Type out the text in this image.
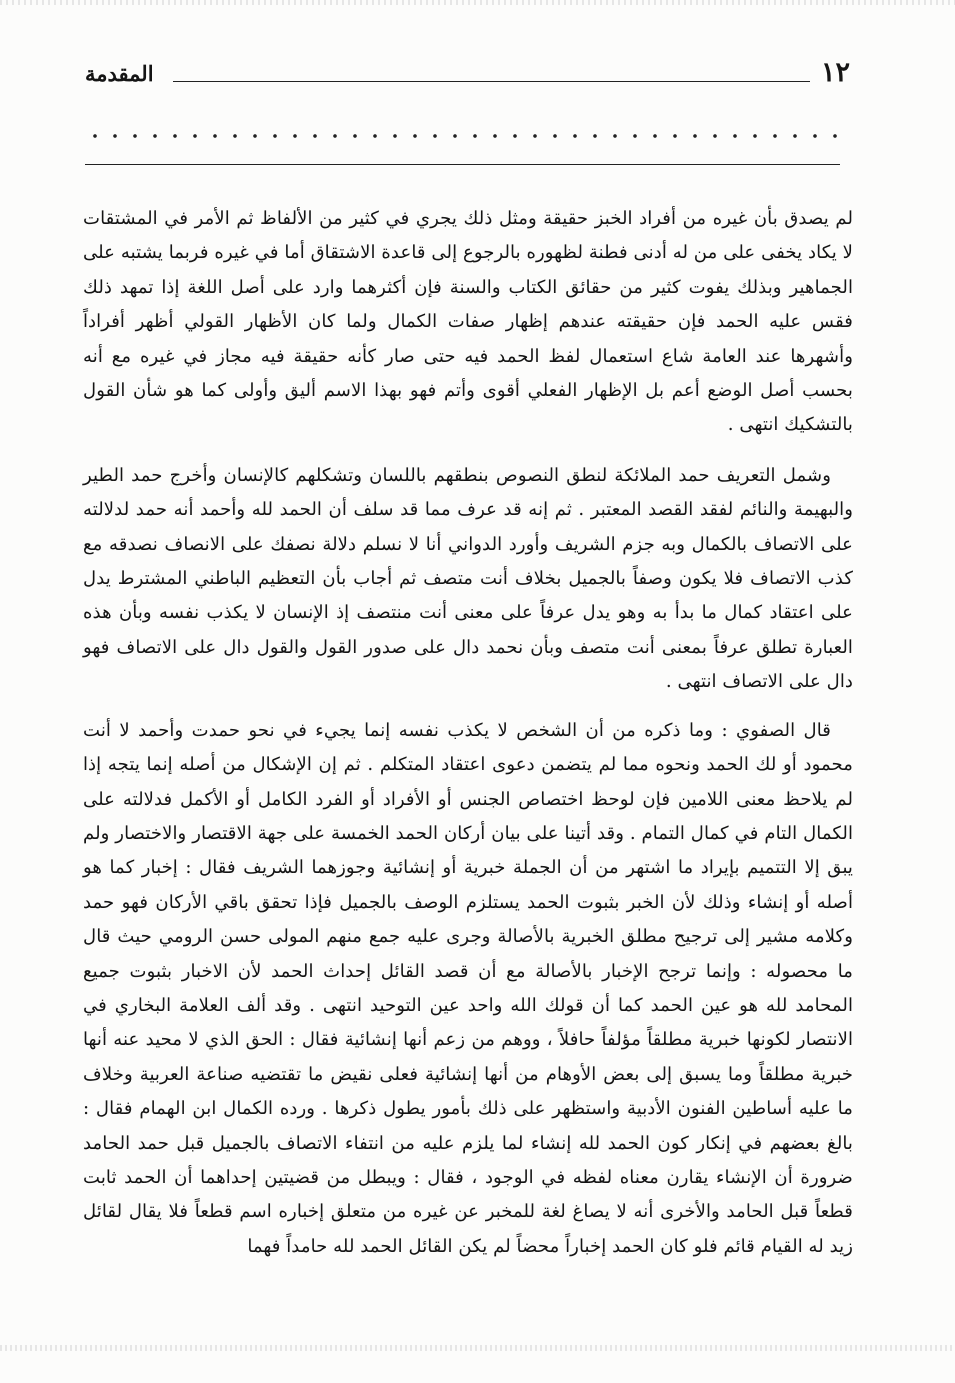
١٢
المقدمة

لم يصدق بأن غيره من أفراد الخبز حقيقة ومثل ذلك يجري في كثير من الألفاظ ثم الأمر في المشتقات لا يكاد يخفى على من له أدنى فطنة لظهوره بالرجوع إلى قاعدة الاشتقاق أما في غيره فربما يشتبه على الجماهير وبذلك يفوت كثير من حقائق الكتاب والسنة فإن أكثرهما وارد على أصل اللغة إذا تمهد ذلك فقس عليه الحمد فإن حقيقته عندهم إظهار صفات الكمال ولما كان الأظهار القولي أظهر أفراداً وأشهرها عند العامة شاع استعمال لفظ الحمد فيه حتى صار كأنه حقيقة فيه مجاز في غيره مع أنه بحسب أصل الوضع أعم بل الإظهار الفعلي أقوى وأتم فهو بهذا الاسم أليق وأولى كما هو شأن القول بالتشكيك انتهى .

وشمل التعريف حمد الملائكة لنطق النصوص بنطقهم باللسان وتشكلهم كالإنسان وأخرج حمد الطير والبهيمة والنائم لفقد القصد المعتبر . ثم إنه قد عرف مما قد سلف أن الحمد لله وأحمد أنه حمد لدلالته على الاتصاف بالكمال وبه جزم الشريف وأورد الدواني أنا لا نسلم دلالة نصفك على الانصاف نصدقه مع كذب الاتصاف فلا يكون وصفاً بالجميل بخلاف أنت متصف ثم أجاب بأن التعظيم الباطني المشترط يدل على اعتقاد كمال ما بدأ به وهو يدل عرفاً على معنى أنت منتصف إذ الإنسان لا يكذب نفسه وبأن هذه العبارة تطلق عرفاً بمعنى أنت متصف وبأن نحمد دال على صدور القول والقول دال على الاتصاف فهو دال على الاتصاف انتهى .

قال الصفوي : وما ذكره من أن الشخص لا يكذب نفسه إنما يجيء في نحو حمدت وأحمد لا أنت محمود أو لك الحمد ونحوه مما لم يتضمن دعوى اعتقاد المتكلم . ثم إن الإشكال من أصله إنما يتجه إذا لم يلاحظ معنى اللامين فإن لوحظ اختصاص الجنس أو الأفراد أو الفرد الكامل أو الأكمل فدلالته على الكمال التام في كمال التمام . وقد أتينا على بيان أركان الحمد الخمسة على جهة الاقتصار والاختصار ولم يبق إلا التتميم بإيراد ما اشتهر من أن الجملة خبرية أو إنشائية وجوزهما الشريف فقال : إخبار كما هو أصله أو إنشاء وذلك لأن الخبر بثبوت الحمد يستلزم الوصف بالجميل فإذا تحقق باقي الأركان فهو حمد وكلامه مشير إلى ترجيح مطلق الخبرية بالأصالة وجرى عليه جمع منهم المولى حسن الرومي حيث قال ما محصوله : وإنما ترجح الإخبار بالأصالة مع أن قصد القائل إحداث الحمد لأن الاخبار بثبوت جميع المحامد لله هو عين الحمد كما أن قولك الله واحد عين التوحيد انتهى . وقد ألف العلامة البخاري في الانتصار لكونها خبرية مطلقاً مؤلفاً حافلاً ، ووهم من زعم أنها إنشائية فقال : الحق الذي لا محيد عنه أنها خبرية مطلقاً وما يسبق إلى بعض الأوهام من أنها إنشائية فعلى نقيض ما تقتضيه صناعة العربية وخلاف ما عليه أساطين الفنون الأدبية واستظهر على ذلك بأمور يطول ذكرها . ورده الكمال ابن الهمام فقال : بالغ بعضهم في إنكار كون الحمد لله إنشاء لما يلزم عليه من انتفاء الاتصاف بالجميل قبل حمد الحامد ضرورة أن الإنشاء يقارن معناه لفظه في الوجود ، فقال : ويبطل من قضيتين إحداهما أن الحمد ثابت قطعاً قبل الحامد والأخرى أنه لا يصاغ لغة للمخبر عن غيره من متعلق إخباره اسم قطعاً فلا يقال لقائل زيد له القيام قائم فلو كان الحمد إخباراً محضاً لم يكن القائل الحمد لله حامداً فهما
